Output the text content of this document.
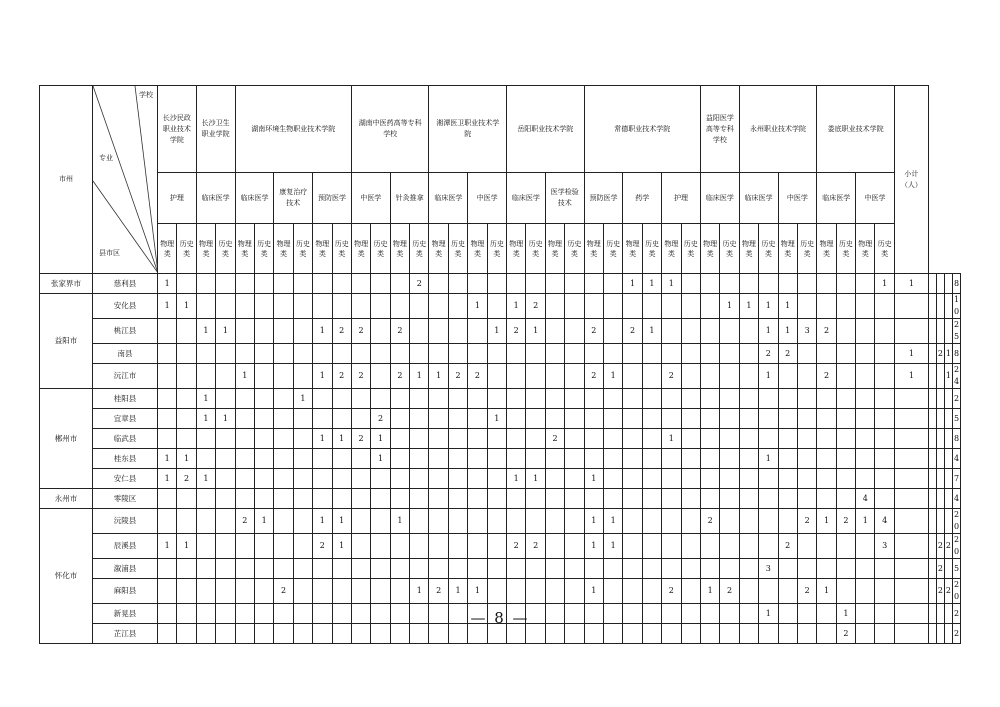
市州	学校
专业
县市区	长沙民政职业技术学院		长沙卫生职业学院		湖南环境生物职业技术学院						湖南中医药高等专科学校				湘潭医卫职业技术学院				岳阳职业技术学院				常德职业技术学院						益阳医学高等专科学校		永州职业技术学院				娄底职业技术学院				小计（人）				
		护理		临床医学		临床医学		康复治疗技术		预防医学		中医学		针灸推拿		临床医学		中医学		临床医学		医学检验技术		预防医学		药学		护理		临床医学		临床医学		中医学		临床医学		中医学						
		物理类	历史类	物理类	历史类	物理类	历史类	物理类	历史类	物理类	历史类	物理类	历史类	物理类	历史类	物理类	历史类	物理类	历史类	物理类	历史类	物理类	历史类	物理类	历史类	物理类	历史类	物理类	历史类	物理类	历史类	物理类	历史类	物理类	历史类	物理类	历史类	物理类	历史类					
张家界市	慈利县	1													2											1	1	1											1	1				8
益阳市	安化县	1	1															1		1	2										1	1	1	1										10
	桃江县			1	1					1	2	2		2					1	2	1			2		2	1						1	1	3	2								25
	南县																																2	2						1		2	1	8
	沅江市					1				1	2	2		2	1	1	2	2						2	1			2					1			2				1			1	24
郴州市	桂阳县			1					1																																			2
	宜章县			1	1								2						1																									5
	临武县									1	1	2	1									2						1																8
	桂东县	1	1										1																				1											4
	安仁县	1	2	1																1	1			1																				7
永州市	零陵区																																					4						4
怀化市	沅陵县					2	1			1	1			1										1	1					2					2	1	2	1	4					20
	辰溪县	1	1							2	1									2	2			1	1									2					3			2	2	20
	溆浦县																																3									2		5
	麻阳县							2							1	2	1	1						1				2		1	2				2	1						2	2	20
	新晃县																																1				1							2
	芷江县																																				2							2
— 8 —
